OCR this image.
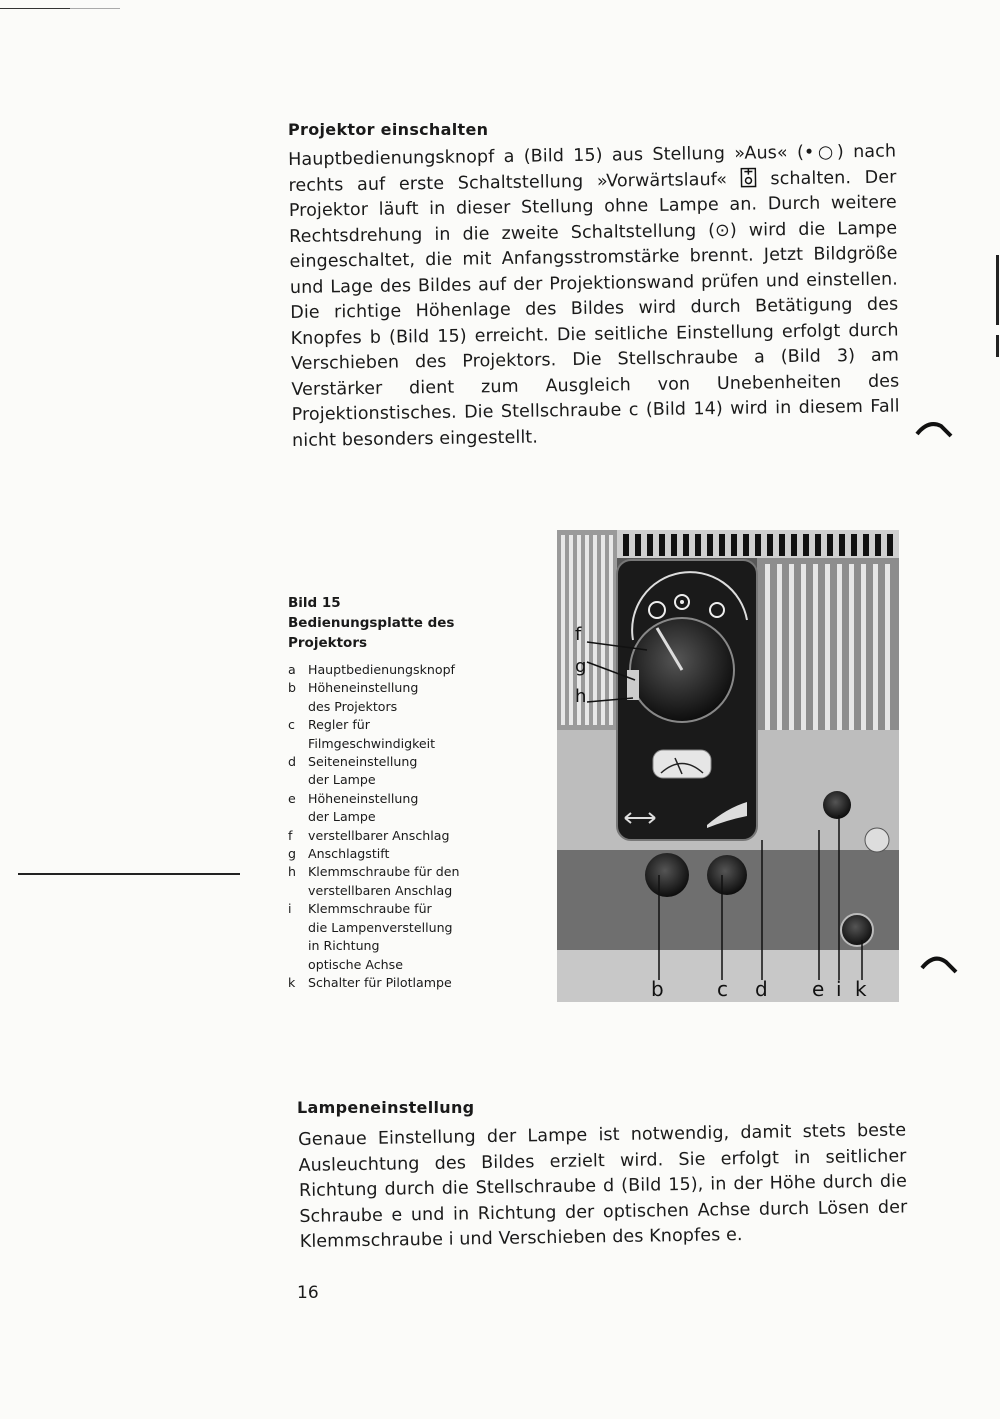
Projektor einschalten

Hauptbedienungsknopf a (Bild 15) aus Stellung »Aus« (•○) nach rechts auf erste Schaltstellung »Vorwärtslauf«  schalten. Der Projektor läuft in dieser Stellung ohne Lampe an. Durch weitere Rechtsdrehung in die zweite Schaltstellung (⊙) wird die Lampe eingeschaltet, die mit Anfangsstromstärke brennt. Jetzt Bildgröße und Lage des Bildes auf der Projektionswand prüfen und einstellen. Die richtige Höhenlage des Bildes wird durch Betätigung des Knopfes b (Bild 15) erreicht. Die seitliche Einstellung erfolgt durch Verschieben des Projektors. Die Stellschraube a (Bild 3) am Verstärker dient zum Ausgleich von Unebenheiten des Projektionstisches. Die Stellschraube c (Bild 14) wird in diesem Fall nicht besonders eingestellt.

Bild 15
Bedienungsplatte des Projektors
a Hauptbedienungsknopf
b Höheneinstellung
des Projektors
c	Regler für
Filmgeschwindigkeit
d Seiteneinstellung
der Lampe
e Höheneinstellung
der Lampe
f	verstellbarer Anschlag
g Anschlagstift
h Klemmschraube für den
verstellbaren Anschlag
i	Klemmschraube für
die Lampenverstellung
in Richtung
optische Achse
k	Schalter für Pilotlampe
f
g
h
b	c d e i k
Lampeneinstellung

Genaue Einstellung der Lampe ist notwendig, damit stets beste Ausleuchtung des Bildes erzielt wird. Sie erfolgt in seitlicher Richtung durch die Stellschraube d (Bild 15), in der Höhe durch die Schraube e und in Richtung der optischen Achse durch Lösen der Klemmschraube i und Verschieben des Knopfes e.

16
